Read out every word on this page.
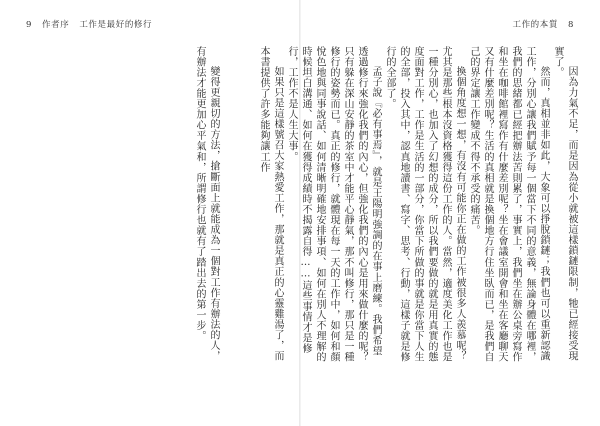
9 作者序 工作是最好的修行

變得更親切的方法，搶斷面上就能成為一個對工作有辦法的人，有辦法才能更加心平氣和，所謂修行也就有了踏出去的第一步。

工作的本質 8

因為力氣不足，而是因為從小就被這樣鎖鏈限制，牠已經接受現實了。

然而，真相並非如此，大象可以掙脫鎖鏈；我們也可以重新認識工作，分別心讓我們賦予每一個當下不同的意義，無論身體在哪裡，我們的思緒都已經把辦法苦則累了，事實上，我們坐在辦公桌旁寫作和坐在咖啡館裡寫作有什麼差別呢？坐在會議室開會和坐在客廳聊天又有什麼差別呢？生活的真相就是換個地方行住坐臥而已，是我們自己的界定讓工作變成不得不承受的痛苦。

換個角度想一想，有沒有可能你正在做的工作被很多人羨慕呢？尤其是那些根本沒資格獲得這份工作的人。當然，適度美化工作也是一種分別心，也加入了幻想的成分，所以我們要做的就是用真實的態度面對工作，工作是生活的一部分，你當下所做的事就是你當下人生的全部，投入其中，認真地讀書、寫字、思考、行動，這樣子就是修行的全部了。

孟子說『必有事焉』，就是王陽明強調的在事上磨練。我們希望透過修行來強化我們的內心，但強化我們的內心是用來做什麼的呢？只有躲在深山安靜的茶室中才能平心靜氣，那不叫修行，那只是一種修行的姿勢而已。真正的修行，就體現在每一天的工作中，如何和顏悅色地與同事說話、如何清晰明確地安排事項、如何在別人不理解的時候坦白溝通、如何在獲得成績時不揭露自得……這些事情才是修行，工作不是人生大事。

如果只是這樣號召大家熱愛工作，那就是真正的心靈雞湯了，而本書提供了許多能夠讓工作
